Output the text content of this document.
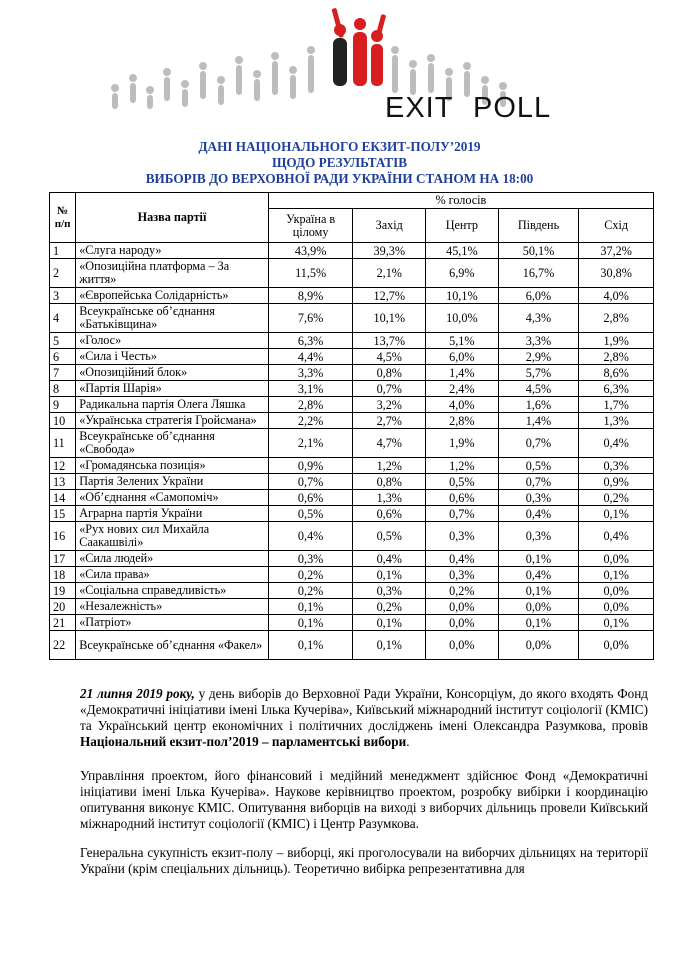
EXIT POLL
ДАНІ НАЦІОНАЛЬНОГО ЕКЗИТ-ПОЛУ’2019
ЩОДО РЕЗУЛЬТАТІВ
ВИБОРІВ ДО ВЕРХОВНОЇ РАДИ УКРАЇНИ СТАНОМ НА 18:00
№ п/п	Назва партії	% голосів				
		Україна в цілому	Захід	Центр	Південь	Схід
1	«Слуга народу»	43,9%	39,3%	45,1%	50,1%	37,2%
2	«Опозиційна платформа – За життя»	11,5%	2,1%	6,9%	16,7%	30,8%
3	«Європейська Солідарність»	8,9%	12,7%	10,1%	6,0%	4,0%
4	Всеукраїнське об’єднання «Батьківщина»	7,6%	10,1%	10,0%	4,3%	2,8%
5	«Голос»	6,3%	13,7%	5,1%	3,3%	1,9%
6	«Сила і Честь»	4,4%	4,5%	6,0%	2,9%	2,8%
7	«Опозиційний блок»	3,3%	0,8%	1,4%	5,7%	8,6%
8	«Партія Шарія»	3,1%	0,7%	2,4%	4,5%	6,3%
9	Радикальна партія Олега Ляшка	2,8%	3,2%	4,0%	1,6%	1,7%
10	«Українська стратегія Гройсмана»	2,2%	2,7%	2,8%	1,4%	1,3%
11	Всеукраїнське об’єднання «Свобода»	2,1%	4,7%	1,9%	0,7%	0,4%
12	«Громадянська позиція»	0,9%	1,2%	1,2%	0,5%	0,3%
13	Партія Зелених України	0,7%	0,8%	0,5%	0,7%	0,9%
14	«Об’єднання «Самопоміч»	0,6%	1,3%	0,6%	0,3%	0,2%
15	Аграрна партія України	0,5%	0,6%	0,7%	0,4%	0,1%
16	«Рух нових сил Михайла Саакашвілі»	0,4%	0,5%	0,3%	0,3%	0,4%
17	«Сила людей»	0,3%	0,4%	0,4%	0,1%	0,0%
18	«Сила права»	0,2%	0,1%	0,3%	0,4%	0,1%
19	«Соціальна справедливість»	0,2%	0,3%	0,2%	0,1%	0,0%
20	«Незалежність»	0,1%	0,2%	0,0%	0,0%	0,0%
21	«Патріот»	0,1%	0,1%	0,0%	0,1%	0,1%
22	Всеукраїнське об’єднання «Факел»	0,1%	0,1%	0,0%	0,0%	0,0%
21 липня 2019 року, у день виборів до Верховної Ради України, Консорціум, до якого входять Фонд «Демократичні ініціативи імені Ілька Кучеріва», Київський міжнародний інститут соціології (КМІС) та Український центр економічних і політичних досліджень імені Олександра Разумкова, провів Національний екзит-пол’2019 – парламентські вибори.
Управління проектом, його фінансовий і медійний менеджмент здійснює Фонд «Демократичні ініціативи імені Ілька Кучеріва». Наукове керівництво проектом, розробку вибірки і координацію опитування виконує КМІС. Опитування виборців на виході з виборчих дільниць провели Київський міжнародний інститут соціології (КМІС) і Центр Разумкова.
Генеральна сукупність екзит-полу – виборці, які проголосували на виборчих дільницях на території України (крім спеціальних дільниць). Теоретично вибірка репрезентативна для
